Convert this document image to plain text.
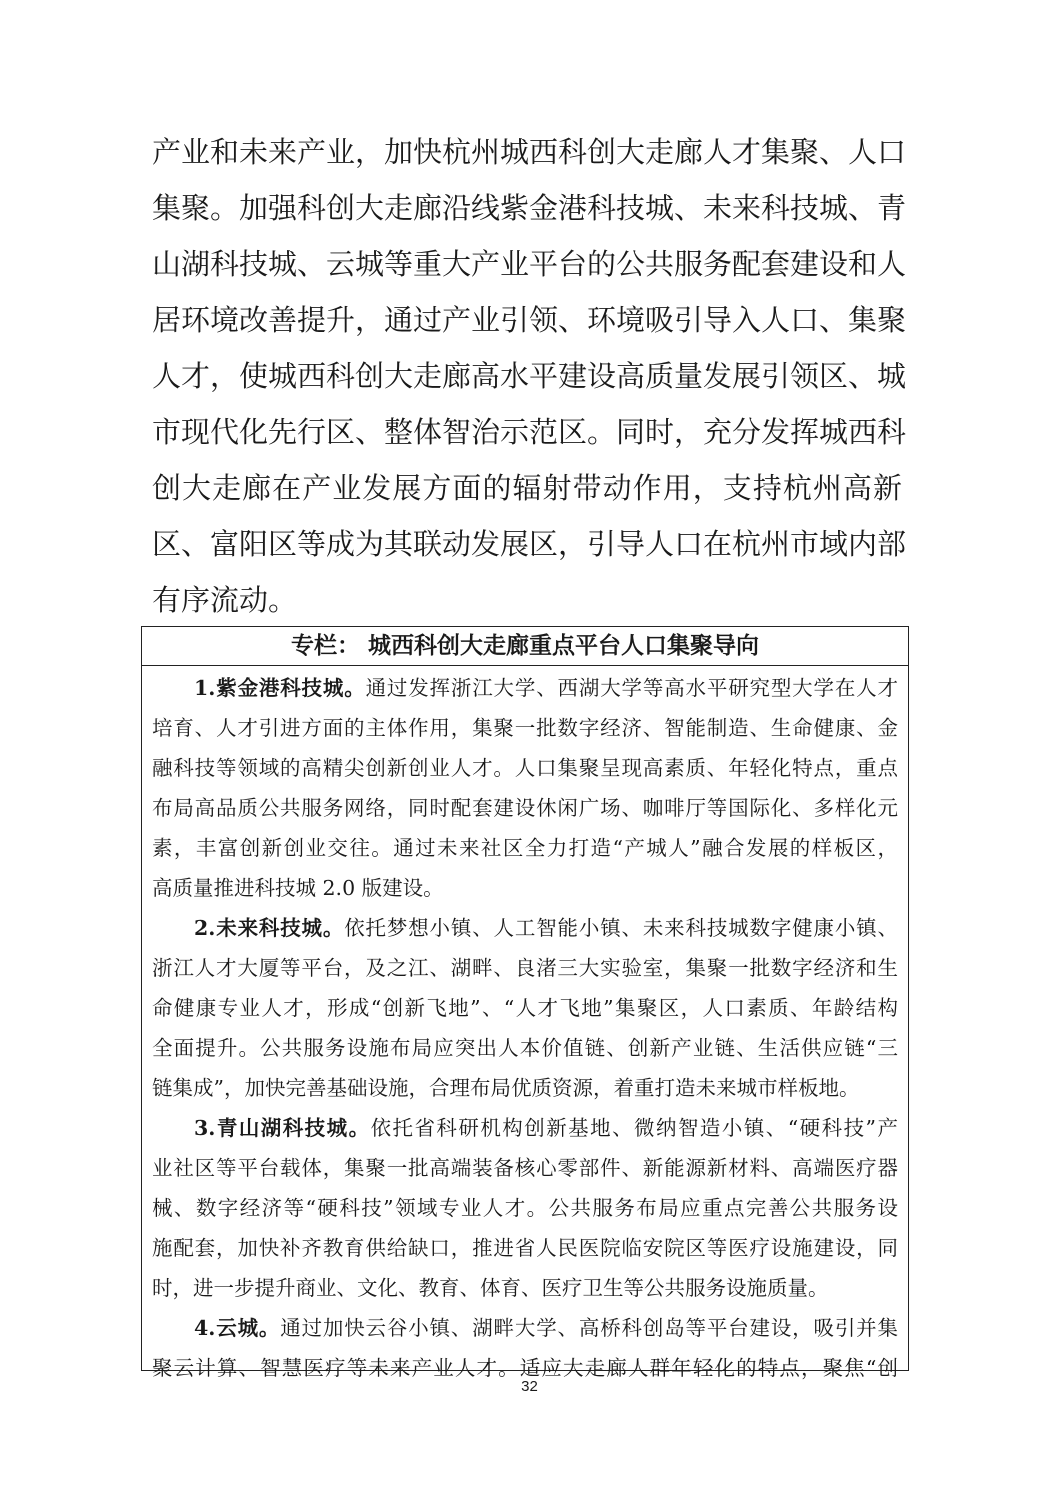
产业和未来产业，加快杭州城西科创大走廊人才集聚、人口
集聚。加强科创大走廊沿线紫金港科技城、未来科技城、青
山湖科技城、云城等重大产业平台的公共服务配套建设和人
居环境改善提升，通过产业引领、环境吸引导入人口、集聚
人才，使城西科创大走廊高水平建设高质量发展引领区、城
市现代化先行区、整体智治示范区。同时，充分发挥城西科
创大走廊在产业发展方面的辐射带动作用，支持杭州高新
区、富阳区等成为其联动发展区，引导人口在杭州市域内部
有序流动。
专栏： 城西科创大走廊重点平台人口集聚导向
1.紫金港科技城。通过发挥浙江大学、西湖大学等高水平研究型大学在人才
培育、人才引进方面的主体作用，集聚一批数字经济、智能制造、生命健康、金
融科技等领域的高精尖创新创业人才。人口集聚呈现高素质、年轻化特点，重点
布局高品质公共服务网络，同时配套建设休闲广场、咖啡厅等国际化、多样化元
素，丰富创新创业交往。通过未来社区全力打造“产城人”融合发展的样板区，
高质量推进科技城 2.0 版建设。
2.未来科技城。依托梦想小镇、人工智能小镇、未来科技城数字健康小镇、
浙江人才大厦等平台，及之江、湖畔、良渚三大实验室，集聚一批数字经济和生
命健康专业人才，形成“创新飞地”、“人才飞地”集聚区，人口素质、年龄结构
全面提升。公共服务设施布局应突出人本价值链、创新产业链、生活供应链“三
链集成”，加快完善基础设施，合理布局优质资源，着重打造未来城市样板地。
3.青山湖科技城。依托省科研机构创新基地、微纳智造小镇、“硬科技”产
业社区等平台载体，集聚一批高端装备核心零部件、新能源新材料、高端医疗器
械、数字经济等“硬科技”领域专业人才。公共服务布局应重点完善公共服务设
施配套，加快补齐教育供给缺口，推进省人民医院临安院区等医疗设施建设，同
时，进一步提升商业、文化、教育、体育、医疗卫生等公共服务设施质量。
4.云城。通过加快云谷小镇、湖畔大学、高桥科创岛等平台建设，吸引并集
聚云计算、智慧医疗等未来产业人才。适应大走廊人群年轻化的特点，聚焦“创
32
